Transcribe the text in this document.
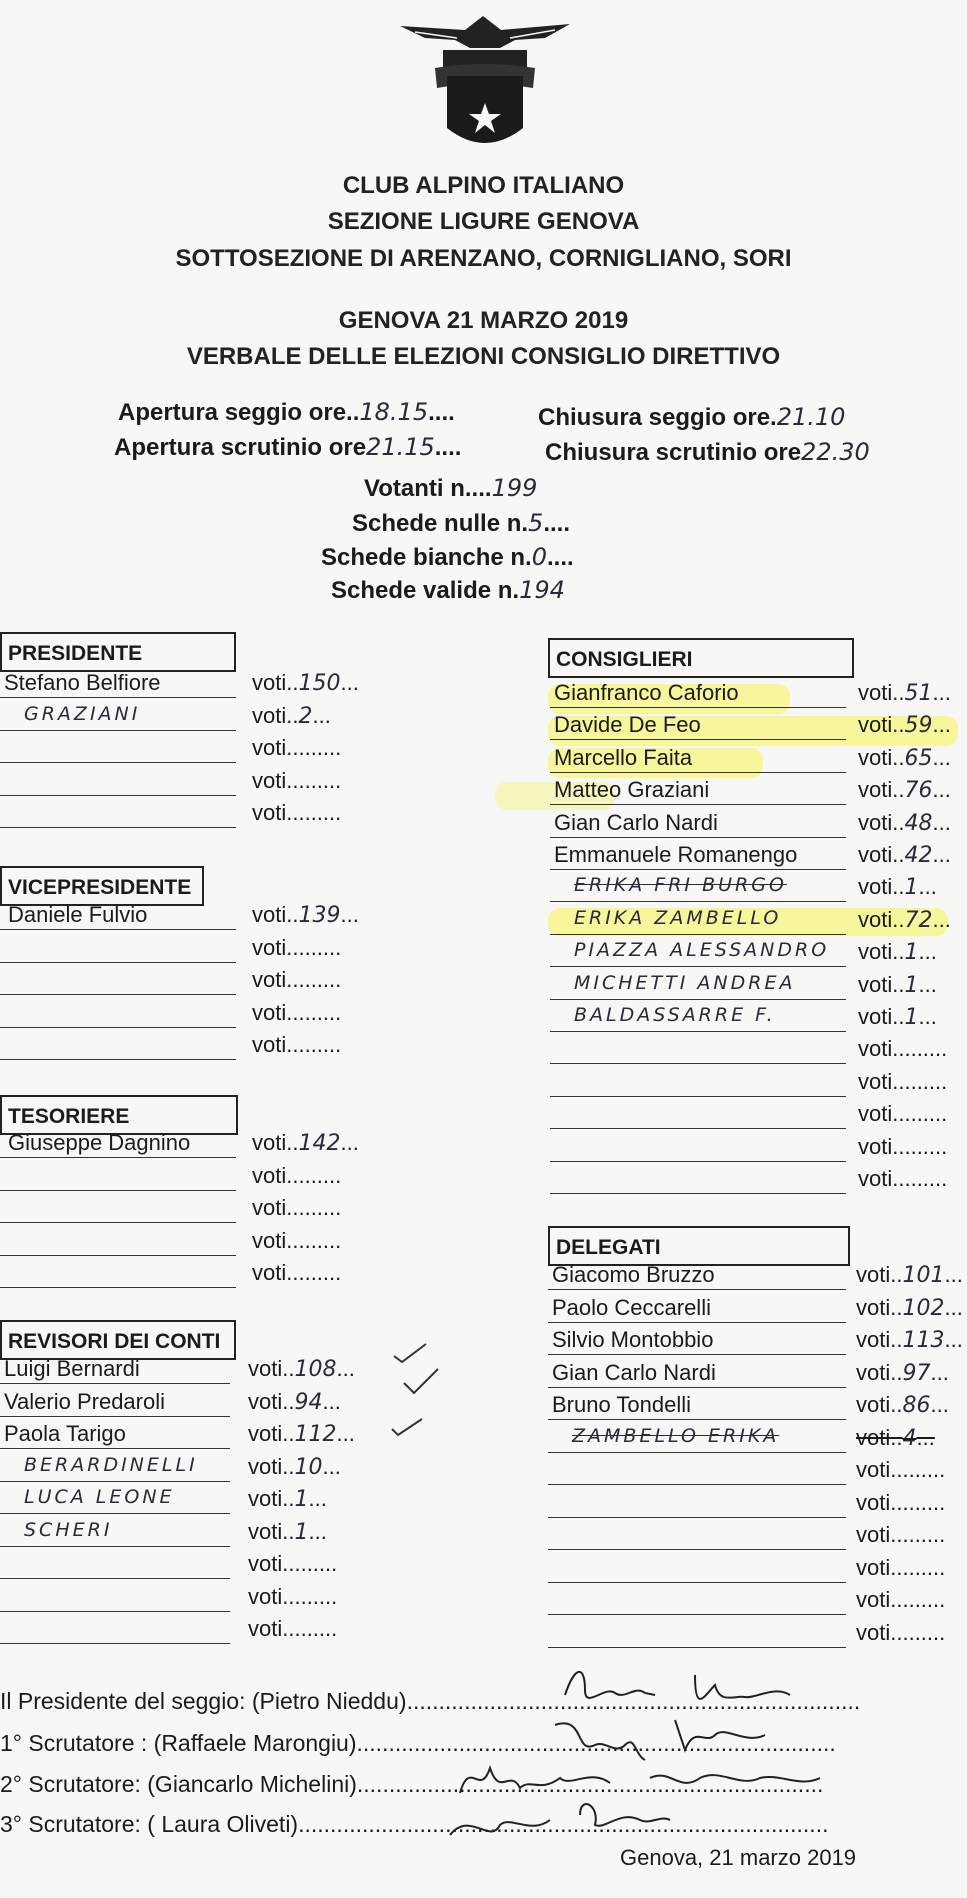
CLUB ALPINO ITALIANO
SEZIONE LIGURE GENOVA
SOTTOSEZIONE DI ARENZANO, CORNIGLIANO, SORI
GENOVA 21 MARZO 2019
VERBALE DELLE ELEZIONI CONSIGLIO DIRETTIVO
Apertura seggio ore..18.15....	Chiusura seggio ore.21.10
Apertura scrutinio ore21.15....	Chiusura scrutinio ore22.30
Votanti n....199
Schede nulle n.5....
Schede bianche n.0....
Schede valide n.194
PRESIDENTE
Stefano Belfiore	voti..150...
GRAZIANI	voti..2...
voti.........
voti.........
voti.........
VICEPRESIDENTE
Daniele Fulvio	voti..139...
voti.........
voti.........
voti.........
voti.........
TESORIERE
Giuseppe Dagnino	voti..142...
voti.........
voti.........
voti.........
voti.........
REVISORI DEI CONTI
Luigi Bernardi	voti..108...
Valerio Predaroli	voti..94...
Paola Tarigo	voti..112...
BERARDINELLI voti..10...
LUCA LEONE	voti..1...
SCHERI	voti..1...
voti.........
voti.........
voti.........
CONSIGLIERI
Gianfranco Caforio	voti..51...
Davide De Feo	voti..59...
Marcello Faita	voti..65...
Matteo Graziani	voti..76...
Gian Carlo Nardi	voti..48...
Emmanuele Romanengo	voti..42...
ERIKA FRI BURGO	voti..1...
ERIKA ZAMBELLO	voti..72...
PIAZZA ALESSANDRO voti..1...
MICHETTI ANDREA	voti..1...
BALDASSARRE F.	voti..1...
voti.........
voti.........
voti.........
voti.........
voti.........
DELEGATI
Giacomo Bruzzo	voti..101...
Paolo Ceccarelli	voti..102...
Silvio Montobbio	voti..113...
Gian Carlo Nardi	voti..97...
Bruno Tondelli	voti..86...
ZAMBELLO ERIKA	voti..4...
voti.........
voti.........
voti.........
voti.........
voti.........
voti.........
Il Presidente del seggio: (Pietro Nieddu).......................................................................
1° Scrutatore : (Raffaele Marongiu)...........................................................................
2° Scrutatore: (Giancarlo Michelini).........................................................................
3° Scrutatore: ( Laura Oliveti)...................................................................................
Genova, 21 marzo 2019
